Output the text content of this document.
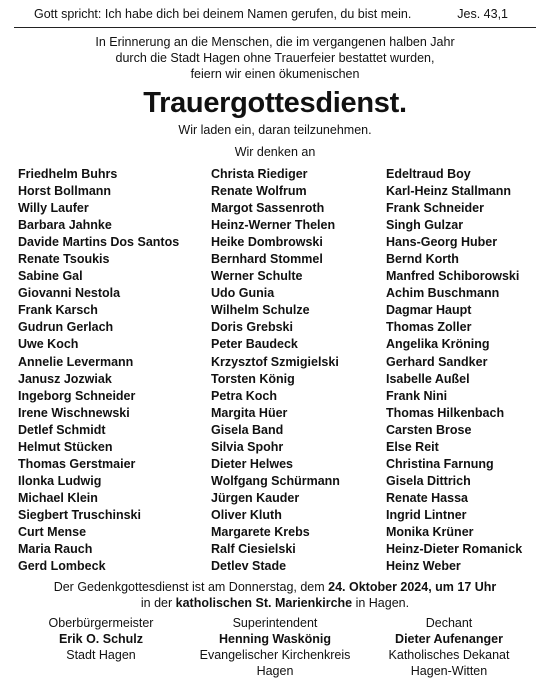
Gott spricht: Ich habe dich bei deinem Namen gerufen, du bist mein.	Jes. 43,1
In Erinnerung an die Menschen, die im vergangenen halben Jahr
durch die Stadt Hagen ohne Trauerfeier bestattet wurden,
feiern wir einen ökumenischen
Trauergottesdienst.
Wir laden ein, daran teilzunehmen.
Wir denken an
Friedhelm Buhrs
Horst Bollmann
Willy Laufer
Barbara Jahnke
Davide Martins Dos Santos
Renate Tsoukis
Sabine Gal
Giovanni Nestola
Frank Karsch
Gudrun Gerlach
Uwe Koch
Annelie Levermann
Janusz Jozwiak
Ingeborg Schneider
Irene Wischnewski
Detlef Schmidt
Helmut Stücken
Thomas Gerstmaier
Ilonka Ludwig
Michael Klein
Siegbert Truschinski
Curt Mense
Maria Rauch
Gerd Lombeck
Christa Riediger
Renate Wolfrum
Margot Sassenroth
Heinz-Werner Thelen
Heike Dombrowski
Bernhard Stommel
Werner Schulte
Udo Gunia
Wilhelm Schulze
Doris Grebski
Peter Baudeck
Krzysztof Szmigielski
Torsten König
Petra Koch
Margita Hüer
Gisela Band
Silvia Spohr
Dieter Helwes
Wolfgang Schürmann
Jürgen Kauder
Oliver Kluth
Margarete Krebs
Ralf Ciesielski
Detlev Stade
Edeltraud Boy
Karl-Heinz Stallmann
Frank Schneider
Singh Gulzar
Hans-Georg Huber
Bernd Korth
Manfred Schiborowski
Achim Buschmann
Dagmar Haupt
Thomas Zoller
Angelika Kröning
Gerhard Sandker
Isabelle Außel
Frank Nini
Thomas Hilkenbach
Carsten Brose
Else Reit
Christina Farnung
Gisela Dittrich
Renate Hassa
Ingrid Lintner
Monika Krüner
Heinz-Dieter Romanick
Heinz Weber
Der Gedenkgottesdienst ist am Donnerstag, dem 24. Oktober 2024, um 17 Uhr
in der katholischen St. Marienkirche in Hagen.
Oberbürgermeister
Erik O. Schulz
Stadt Hagen
Superintendent
Henning Waskönig
Evangelischer Kirchenkreis
Hagen
Dechant
Dieter Aufenanger
Katholisches Dekanat
Hagen-Witten
